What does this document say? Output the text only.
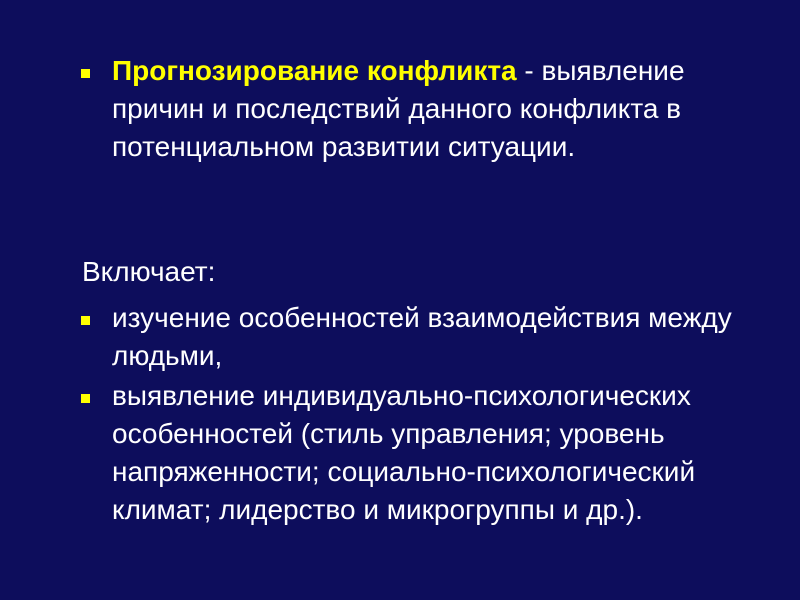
Прогнозирование конфликта - выявление причин и последствий данного конфликта в потенциальном развитии ситуации.
Включает:
изучение особенностей взаимодействия между людьми,
выявление индивидуально-психологических особенностей (стиль управления; уровень напряженности; социально-психологический климат; лидерство и микрогруппы и др.).
